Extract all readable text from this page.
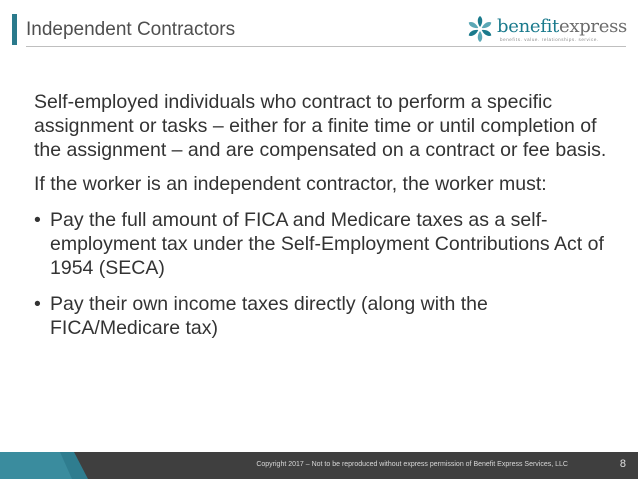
Independent Contractors	benefitexpress
benefits. value. relationships. service.

Self-employed individuals who contract to perform a specific assignment or tasks – either for a finite time or until completion of the assignment – and are compensated on a contract or fee basis.

If the worker is an independent contractor, the worker must:

• Pay the full amount of FICA and Medicare taxes as a self-employment tax under the Self-Employment Contributions Act of 1954 (SECA)
• Pay their own income taxes directly (along with the FICA/Medicare tax)
Copyright 2017 – Not to be reproduced without express permission of Benefit Express Services, LLC	8
